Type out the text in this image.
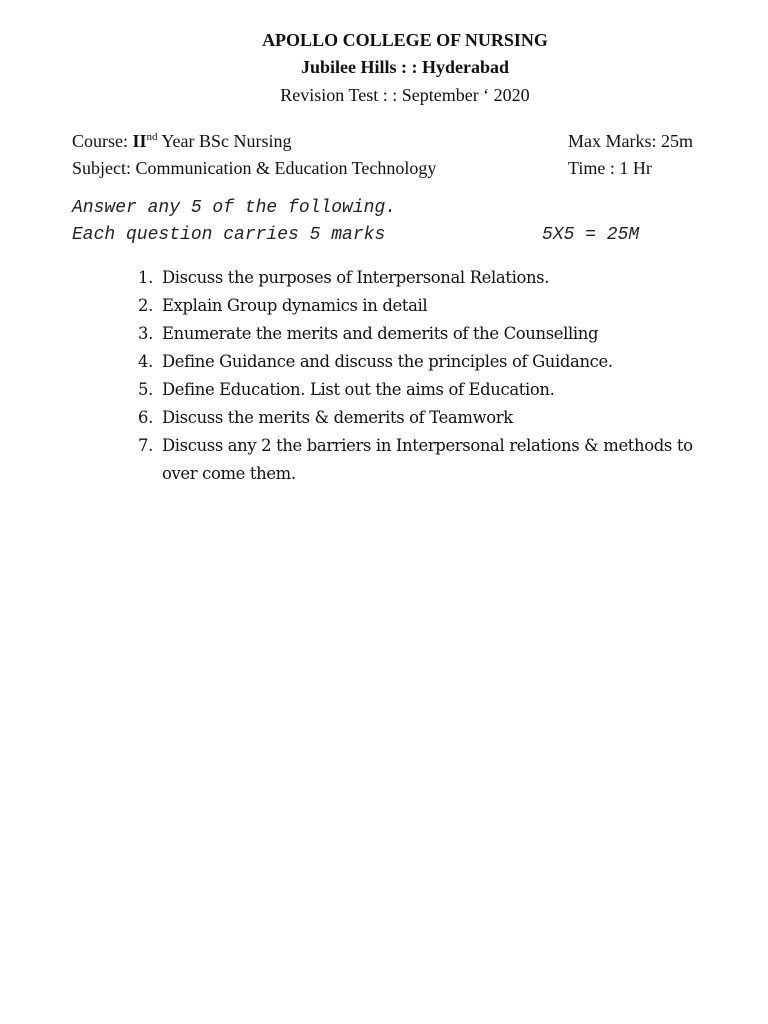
APOLLO COLLEGE OF NURSING
Jubilee Hills : : Hyderabad
Revision Test : : September ‘ 2020
Course: IInd Year BSc Nursing	Max Marks: 25m
Subject: Communication & Education Technology	Time : 1 Hr
Answer any 5 of the following.
Each question carries 5 marks	5X5 = 25M
1. Discuss the purposes of Interpersonal Relations.
2. Explain Group dynamics in detail
3. Enumerate the merits and demerits of the Counselling
4. Define Guidance and discuss the principles of Guidance.
5. Define Education. List out the aims of Education.
6. Discuss the merits & demerits of Teamwork
7. Discuss any 2 the barriers in Interpersonal relations & methods to over come them.
